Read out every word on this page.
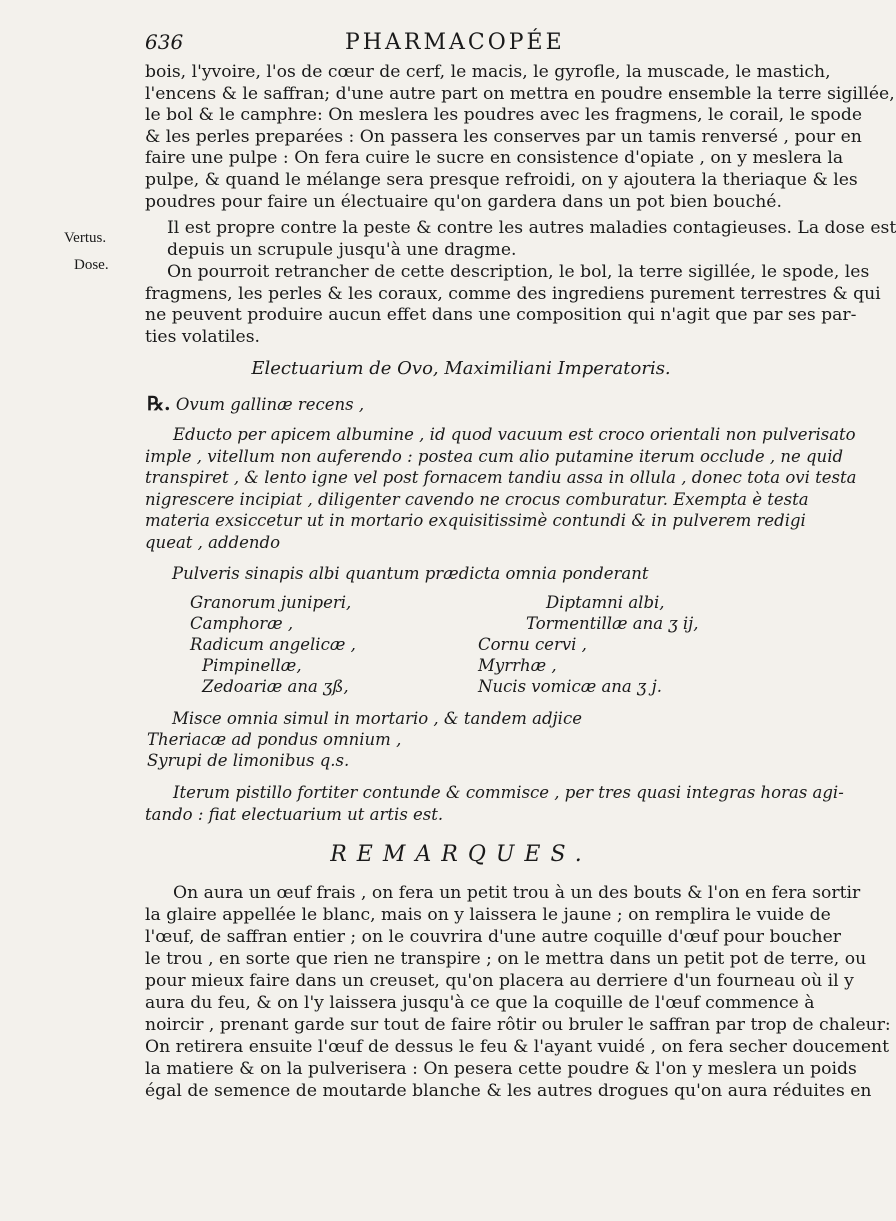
636	PHARMACOPÉE
bois, l'yvoire, l'os de cœur de cerf, le macis, le gyrofle, la muscade, le mastich,
l'encens & le saffran; d'une autre part on mettra en poudre ensemble la terre sigillée,
le bol & le camphre: On meslera les poudres avec les fragmens, le corail, le spode
& les perles preparées : On passera les conserves par un tamis renversé , pour en
faire une pulpe : On fera cuire le sucre en consistence d'opiate , on y meslera la
pulpe, & quand le mélange sera presque refroidi, on y ajoutera la theriaque & les
poudres pour faire un électuaire qu'on gardera dans un pot bien bouché.
Vertus.
Dose.
Il est propre contre la peste & contre les autres maladies contagieuses. La dose est
depuis un scrupule jusqu'à une dragme.
On pourroit retrancher de cette description, le bol, la terre sigillée, le spode, les
fragmens, les perles & les coraux, comme des ingrediens purement terrestres & qui
ne peuvent produire aucun effet dans une composition qui n'agit que par ses par-
ties volatiles.
Electuarium de Ovo, Maximiliani Imperatoris.
℞. Ovum gallinæ recens ,
Educto per apicem albumine , id quod vacuum est croco orientali non pulverisato
imple , vitellum non auferendo : postea cum alio putamine iterum occlude , ne quid
transpiret , & lento igne vel post fornacem tandiu assa in ollula , donec tota ovi testa
nigrescere incipiat , diligenter cavendo ne crocus comburatur. Exempta è testa
materia exsiccetur ut in mortario exquisitissimè contundi & in pulverem redigi
queat , addendo
Pulveris sinapis albi quantum prædicta omnia ponderant
Granorum juniperi,
Camphoræ ,
Radicum angelicæ ,
Pimpinellæ,
Zedoariæ ana ʒß,
Diptamni albi,
Tormentillæ ana ʒ ij,
Cornu cervi ,
Myrrhæ ,
Nucis vomicæ ana ʒ j.
Misce omnia simul in mortario , & tandem adjice
Theriacæ ad pondus omnium ,
Syrupi de limonibus q.s.
Iterum pistillo fortiter contunde & commisce , per tres quasi integras horas agi-
tando : fiat electuarium ut artis est.
REMARQUES.
On aura un œuf frais , on fera un petit trou à un des bouts & l'on en fera sortir
la glaire appellée le blanc, mais on y laissera le jaune ; on remplira le vuide de
l'œuf, de saffran entier ; on le couvrira d'une autre coquille d'œuf pour boucher
le trou , en sorte que rien ne transpire ; on le mettra dans un petit pot de terre, ou
pour mieux faire dans un creuset, qu'on placera au derriere d'un fourneau où il y
aura du feu, & on l'y laissera jusqu'à ce que la coquille de l'œuf commence à
noircir , prenant garde sur tout de faire rôtir ou bruler le saffran par trop de chaleur:
On retirera ensuite l'œuf de dessus le feu & l'ayant vuidé , on fera secher doucement
la matiere & on la pulverisera : On pesera cette poudre & l'on y meslera un poids
égal de semence de moutarde blanche & les autres drogues qu'on aura réduites en
